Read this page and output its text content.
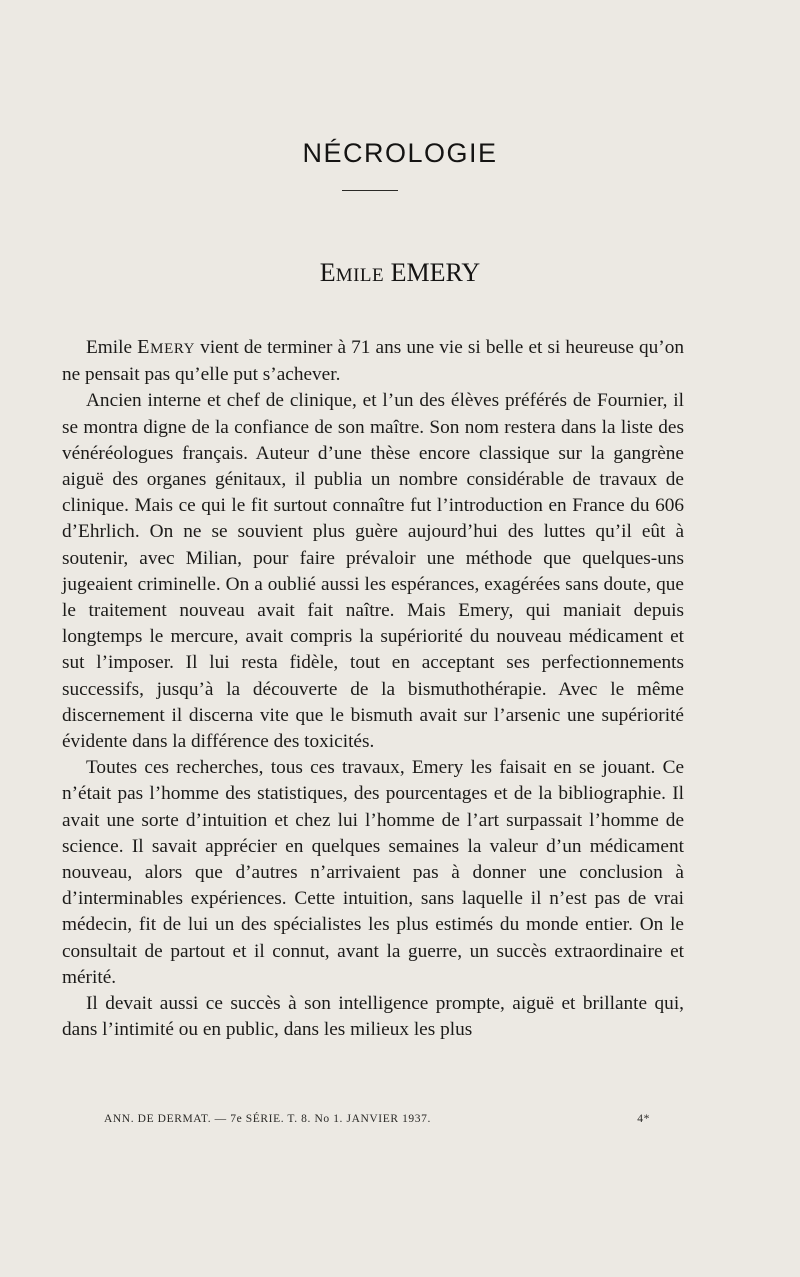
NÉCROLOGIE
EMILE EMERY

Emile EMERY vient de terminer à 71 ans une vie si belle et si heureuse qu’on ne pensait pas qu’elle put s’achever.

Ancien interne et chef de clinique, et l’un des élèves préférés de Fournier, il se montra digne de la confiance de son maître. Son nom restera dans la liste des vénéréologues français. Auteur d’une thèse encore classique sur la gangrène aiguë des organes génitaux, il publia un nombre considérable de travaux de clinique. Mais ce qui le fit surtout connaître fut l’introduction en France du 606 d’Ehrlich. On ne se souvient plus guère aujourd’hui des luttes qu’il eût à soutenir, avec Milian, pour faire prévaloir une méthode que quelques-uns jugeaient criminelle. On a oublié aussi les espérances, exagérées sans doute, que le traitement nouveau avait fait naître. Mais Emery, qui maniait depuis longtemps le mercure, avait compris la supériorité du nouveau médicament et sut l’imposer. Il lui resta fidèle, tout en acceptant ses perfectionnements successifs, jusqu’à la découverte de la bismuthothérapie. Avec le même discernement il discerna vite que le bismuth avait sur l’arsenic une supériorité évidente dans la différence des toxicités.

Toutes ces recherches, tous ces travaux, Emery les faisait en se jouant. Ce n’était pas l’homme des statistiques, des pourcentages et de la bibliographie. Il avait une sorte d’intuition et chez lui l’homme de l’art surpassait l’homme de science. Il savait apprécier en quelques semaines la valeur d’un médicament nouveau, alors que d’autres n’arrivaient pas à donner une conclusion à d’interminables expériences. Cette intuition, sans laquelle il n’est pas de vrai médecin, fit de lui un des spécialistes les plus estimés du monde entier. On le consultait de partout et il connut, avant la guerre, un succès extraordinaire et mérité.

Il devait aussi ce succès à son intelligence prompte, aiguë et brillante qui, dans l’intimité ou en public, dans les milieux les plus

ANN. DE DERMAT. — 7e SÉRIE. T. 8. No 1. JANVIER 1937.	4*
